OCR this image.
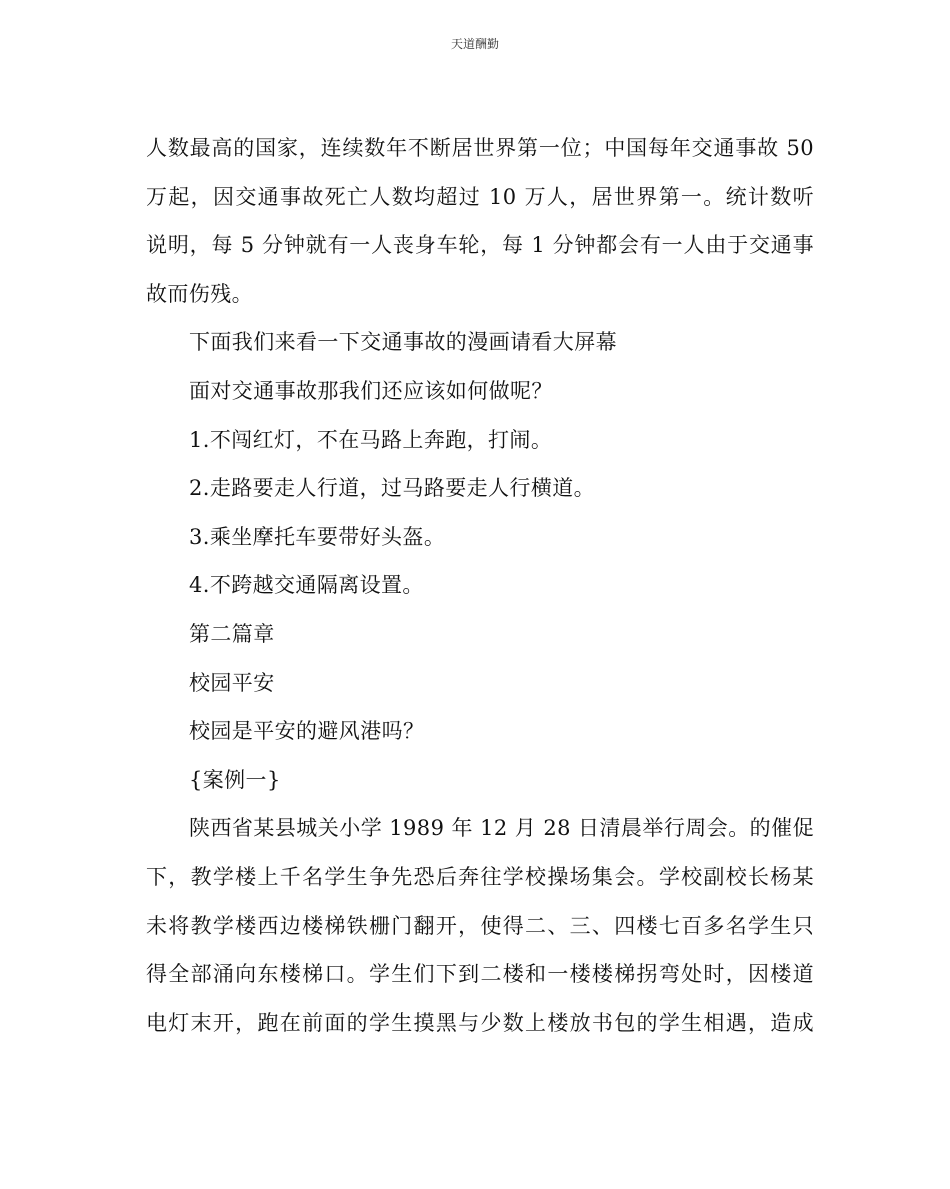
天道酬勤
人数最高的国家，连续数年不断居世界第一位；中国每年交通事故 50
万起，因交通事故死亡人数均超过 10 万人，居世界第一。统计数听
说明，每 5 分钟就有一人丧身车轮，每 1 分钟都会有一人由于交通事
故而伤残。
下面我们来看一下交通事故的漫画请看大屏幕
面对交通事故那我们还应该如何做呢？
1.不闯红灯，不在马路上奔跑，打闹。
2.走路要走人行道，过马路要走人行横道。
3.乘坐摩托车要带好头盔。
4.不跨越交通隔离设置。
第二篇章
校园平安
校园是平安的避风港吗？
{案例一}
陕西省某县城关小学 1989 年 12 月 28 日清晨举行周会。的催促
下，教学楼上千名学生争先恐后奔往学校操场集会。学校副校长杨某
未将教学楼西边楼梯铁栅门翻开，使得二、三、四楼七百多名学生只
得全部涌向东楼梯口。学生们下到二楼和一楼楼梯拐弯处时，因楼道
电灯末开，跑在前面的学生摸黑与少数上楼放书包的学生相遇，造成
